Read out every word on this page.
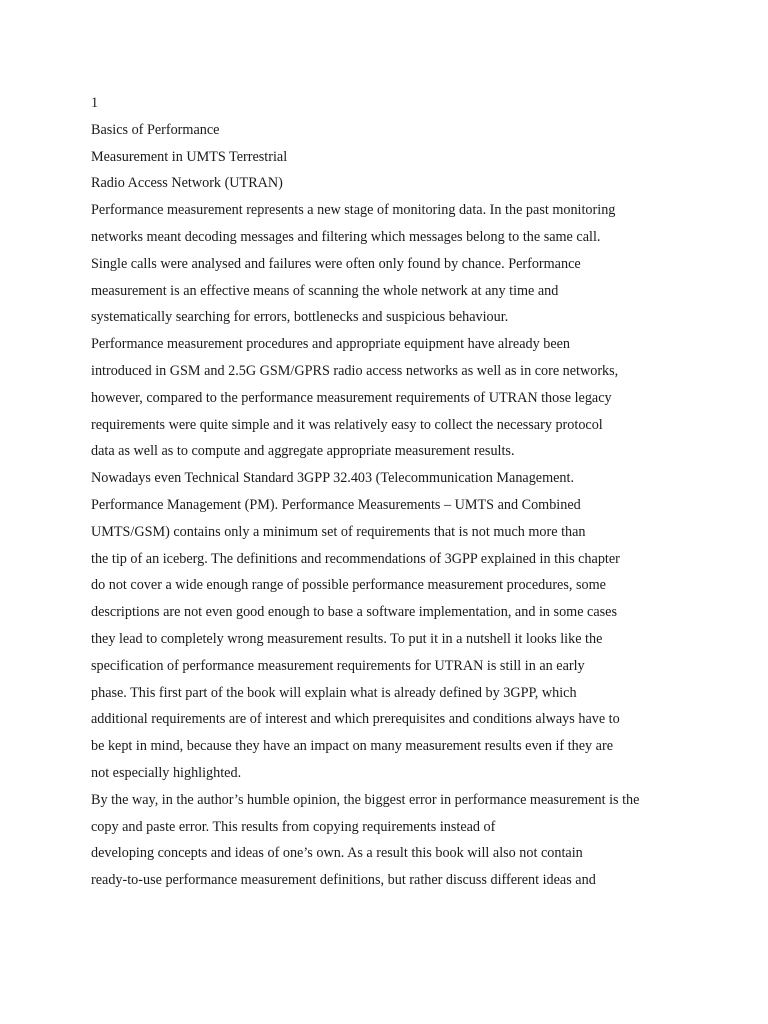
1
Basics of Performance
Measurement in UMTS Terrestrial
Radio Access Network (UTRAN)
Performance measurement represents a new stage of monitoring data. In the past monitoring
networks meant decoding messages and filtering which messages belong to the same call.
Single calls were analysed and failures were often only found by chance. Performance
measurement is an effective means of scanning the whole network at any time and
systematically searching for errors, bottlenecks and suspicious behaviour.
Performance measurement procedures and appropriate equipment have already been
introduced in GSM and 2.5G GSM/GPRS radio access networks as well as in core networks,
however, compared to the performance measurement requirements of UTRAN those legacy
requirements were quite simple and it was relatively easy to collect the necessary protocol
data as well as to compute and aggregate appropriate measurement results.
Nowadays even Technical Standard 3GPP 32.403 (Telecommunication Management.
Performance Management (PM). Performance Measurements – UMTS and Combined
UMTS/GSM) contains only a minimum set of requirements that is not much more than
the tip of an iceberg. The definitions and recommendations of 3GPP explained in this chapter
do not cover a wide enough range of possible performance measurement procedures, some
descriptions are not even good enough to base a software implementation, and in some cases
they lead to completely wrong measurement results. To put it in a nutshell it looks like the
specification of performance measurement requirements for UTRAN is still in an early
phase. This first part of the book will explain what is already defined by 3GPP, which
additional requirements are of interest and which prerequisites and conditions always have to
be kept in mind, because they have an impact on many measurement results even if they are
not especially highlighted.
By the way, in the author’s humble opinion, the biggest error in performance measurement is the
copy and paste error. This results from copying requirements instead of
developing concepts and ideas of one’s own. As a result this book will also not contain
ready-to-use performance measurement definitions, but rather discuss different ideas and
